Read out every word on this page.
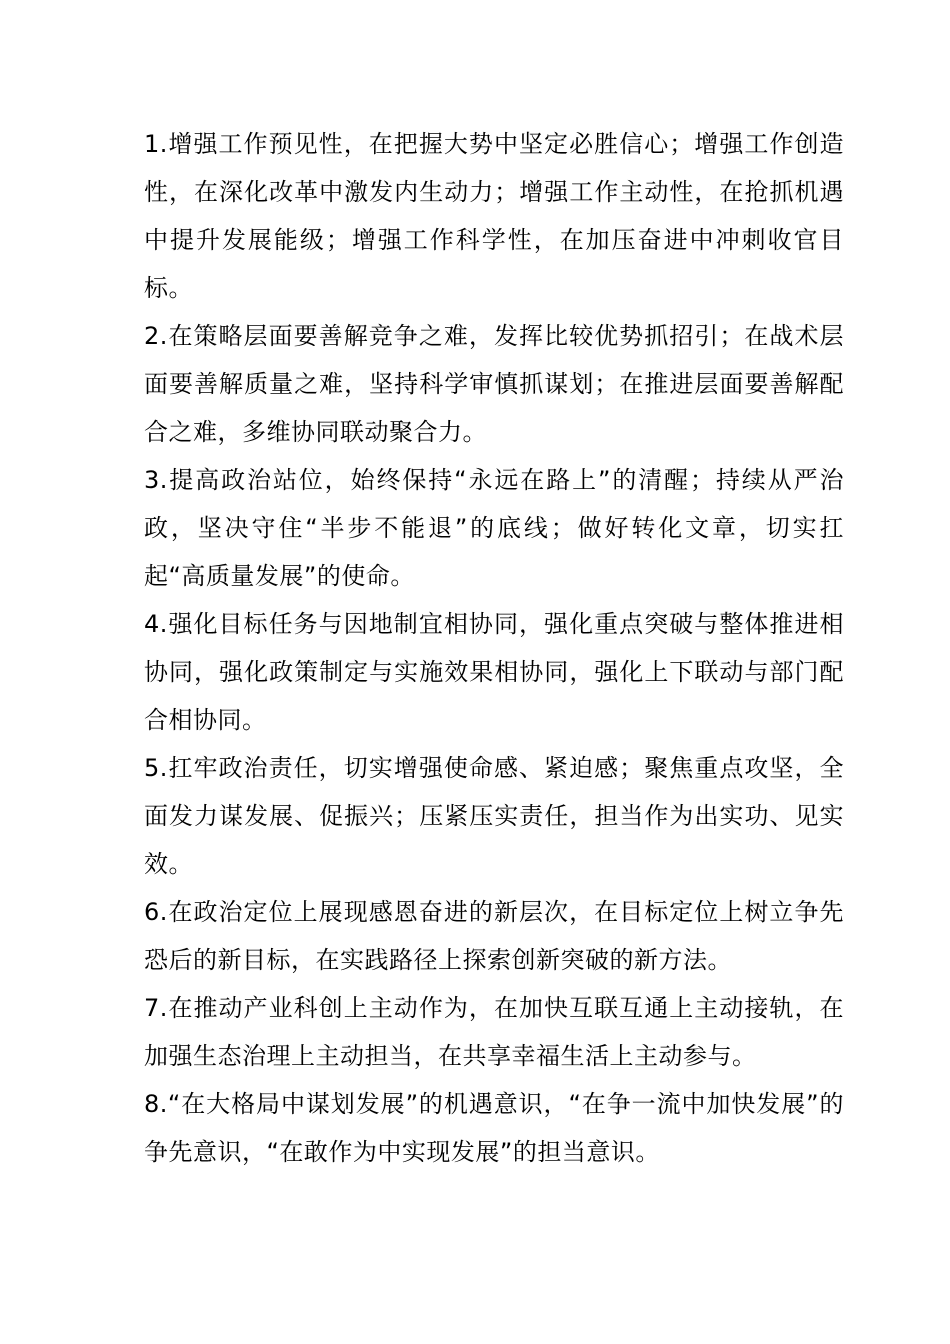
1.增强工作预见性，在把握大势中坚定必胜信心；增强工作创造性，在深化改革中激发内生动力；增强工作主动性，在抢抓机遇中提升发展能级；增强工作科学性，在加压奋进中冲刺收官目标。

2.在策略层面要善解竞争之难，发挥比较优势抓招引；在战术层面要善解质量之难，坚持科学审慎抓谋划；在推进层面要善解配合之难，多维协同联动聚合力。

3.提高政治站位，始终保持“永远在路上”的清醒；持续从严治政，坚决守住“半步不能退”的底线；做好转化文章，切实扛起“高质量发展”的使命。

4.强化目标任务与因地制宜相协同，强化重点突破与整体推进相协同，强化政策制定与实施效果相协同，强化上下联动与部门配合相协同。

5.扛牢政治责任，切实增强使命感、紧迫感；聚焦重点攻坚，全面发力谋发展、促振兴；压紧压实责任，担当作为出实功、见实效。

6.在政治定位上展现感恩奋进的新层次，在目标定位上树立争先恐后的新目标，在实践路径上探索创新突破的新方法。

7.在推动产业科创上主动作为，在加快互联互通上主动接轨，在加强生态治理上主动担当，在共享幸福生活上主动参与。

8.“在大格局中谋划发展”的机遇意识，“在争一流中加快发展”的争先意识，“在敢作为中实现发展”的担当意识。
